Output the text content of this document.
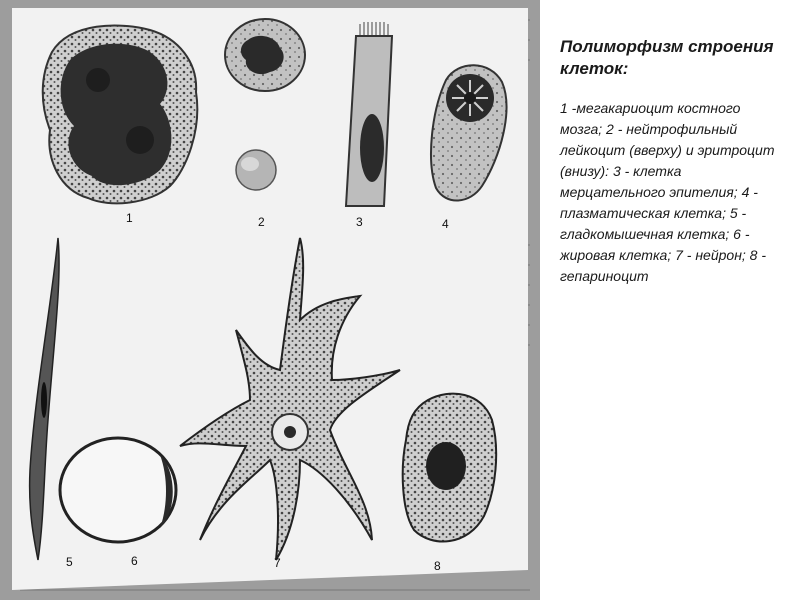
1	2	3	4
5	6	7	8
Полиморфизм строения клеток:

1 -мегакариоцит костного мозга; 2 - нейтрофильный лейкоцит (вверху) и эритроцит (внизу): 3 - клетка мерцательного эпителия; 4 - плазматическая клетка; 5 - гладкомышечная клетка; 6 - жировая клетка; 7 - нейрон; 8 - гепариноцит
